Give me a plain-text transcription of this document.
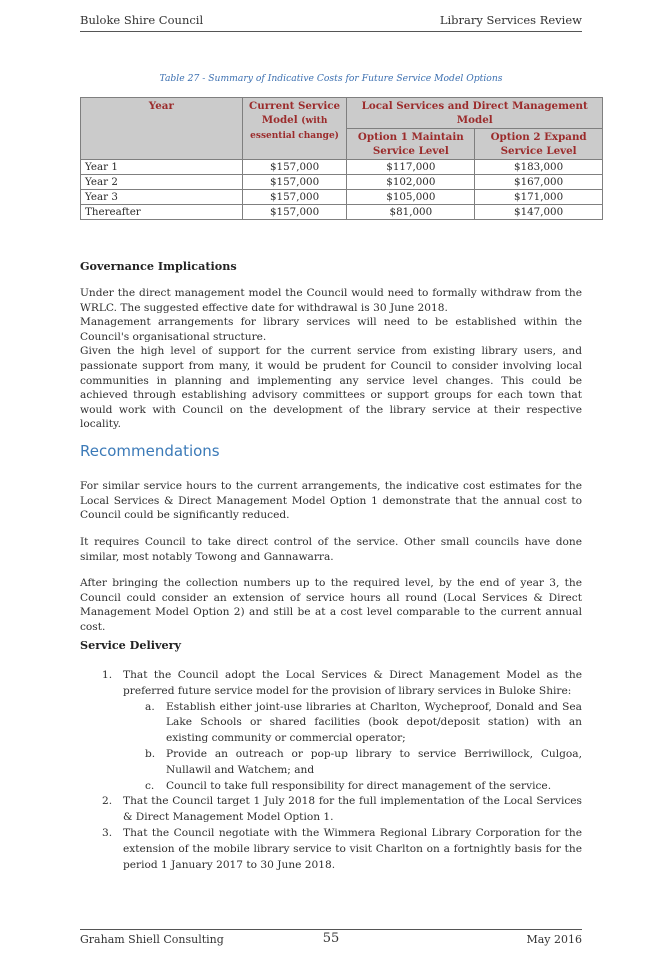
Buloke Shire Council	Library Services Review
Table 27 - Summary of Indicative Costs for Future Service Model Options
Year	Current Service Model (with essential change)	Local Services and Direct Management Model	
		Option 1 Maintain Service Level	Option 2 Expand Service Level
Year 1	$157,000	$117,000	$183,000
Year 2	$157,000	$102,000	$167,000
Year 3	$157,000	$105,000	$171,000
Thereafter	$157,000	$81,000	$147,000
Governance Implications

Under the direct management model the Council would need to formally withdraw from the WRLC. The suggested effective date for withdrawal is 30 June 2018.

Management arrangements for library services will need to be established within the Council's organisational structure.

Given the high level of support for the current service from existing library users, and passionate support from many, it would be prudent for Council to consider involving local communities in planning and implementing any service level changes. This could be achieved through establishing advisory committees or support groups for each town that would work with Council on the development of the library service at their respective locality.

Recommendations
For similar service hours to the current arrangements, the indicative cost estimates for the Local Services & Direct Management Model Option 1 demonstrate that the annual cost to Council could be significantly reduced.
It requires Council to take direct control of the service. Other small councils have done similar, most notably Towong and Gannawarra.
After bringing the collection numbers up to the required level, by the end of year 3, the Council could consider an extension of service hours all round (Local Services & Direct Management Model Option 2) and still be at a cost level comparable to the current annual cost.
Service Delivery
1. That the Council adopt the Local Services & Direct Management Model as the preferred future service model for the provision of library services in Buloke Shire:
a. Establish either joint-use libraries at Charlton, Wycheproof, Donald and Sea Lake Schools or shared facilities (book depot/deposit station) with an existing community or commercial operator;
b. Provide an outreach or pop-up library to service Berriwillock, Culgoa, Nullawil and Watchem; and
c. Council to take full responsibility for direct management of the service.
2. That the Council target 1 July 2018 for the full implementation of the Local Services & Direct Management Model Option 1.
3. That the Council negotiate with the Wimmera Regional Library Corporation for the extension of the mobile library service to visit Charlton on a fortnightly basis for the period 1 January 2017 to 30 June 2018.
Graham Shiell Consulting	55	May 2016
